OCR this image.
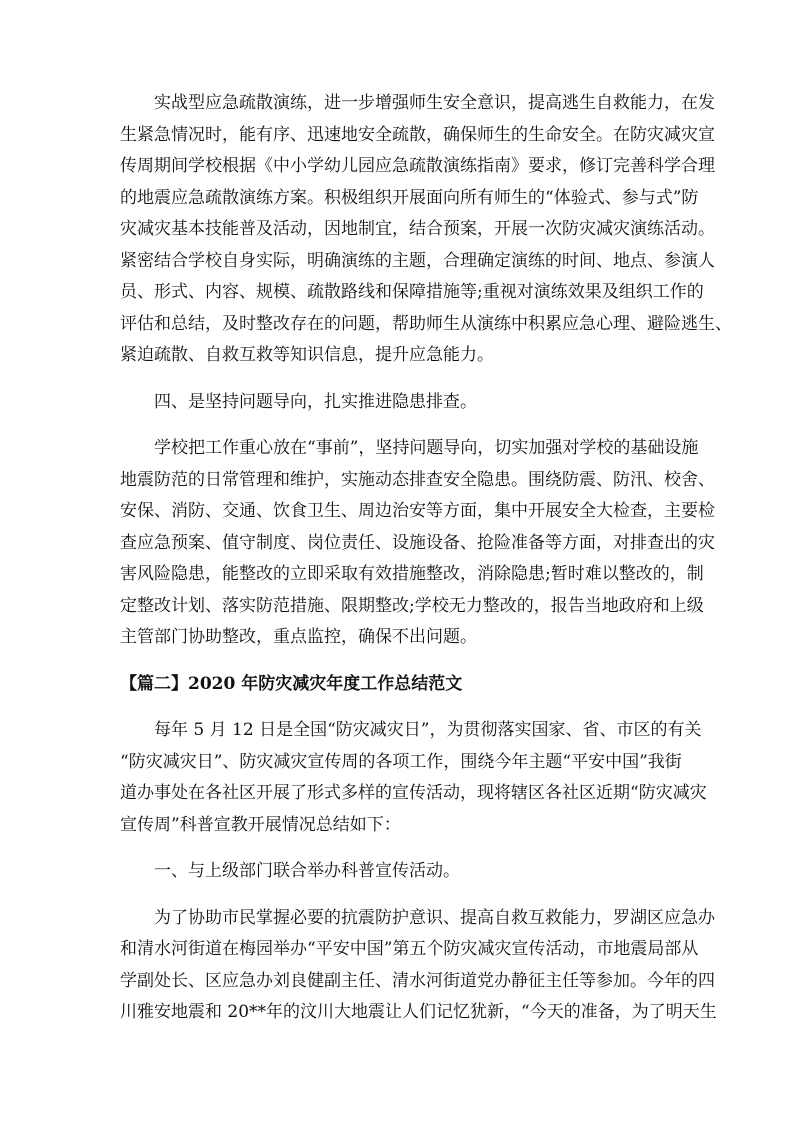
实战型应急疏散演练，进一步增强师生安全意识，提高逃生自救能力，在发
生紧急情况时，能有序、迅速地安全疏散，确保师生的生命安全。在防灾减灾宣
传周期间学校根据《中小学幼儿园应急疏散演练指南》要求，修订完善科学合理
的地震应急疏散演练方案。积极组织开展面向所有师生的“体验式、参与式”防
灾减灾基本技能普及活动，因地制宜，结合预案，开展一次防灾减灾演练活动。
紧密结合学校自身实际，明确演练的主题，合理确定演练的时间、地点、参演人
员、形式、内容、规模、疏散路线和保障措施等;重视对演练效果及组织工作的
评估和总结，及时整改存在的问题，帮助师生从演练中积累应急心理、避险逃生、
紧迫疏散、自救互救等知识信息，提升应急能力。

四、是坚持问题导向，扎实推进隐患排查。

学校把工作重心放在“事前”，坚持问题导向，切实加强对学校的基础设施
地震防范的日常管理和维护，实施动态排查安全隐患。围绕防震、防汛、校舍、
安保、消防、交通、饮食卫生、周边治安等方面，集中开展安全大检查，主要检
查应急预案、值守制度、岗位责任、设施设备、抢险准备等方面，对排查出的灾
害风险隐患，能整改的立即采取有效措施整改，消除隐患;暂时难以整改的，制
定整改计划、落实防范措施、限期整改;学校无力整改的，报告当地政府和上级
主管部门协助整改，重点监控，确保不出问题。

【篇二】2020 年防灾减灾年度工作总结范文

每年 5 月 12 日是全国“防灾减灾日”，为贯彻落实国家、省、市区的有关
“防灾减灾日”、防灾减灾宣传周的各项工作，围绕今年主题“平安中国”我街
道办事处在各社区开展了形式多样的宣传活动，现将辖区各社区近期“防灾减灾
宣传周”科普宣教开展情况总结如下：

一、与上级部门联合举办科普宣传活动。

为了协助市民掌握必要的抗震防护意识、提高自救互救能力，罗湖区应急办
和清水河街道在梅园举办“平安中国”第五个防灾减灾宣传活动，市地震局部从
学副处长、区应急办刘良健副主任、清水河街道党办静征主任等参加。今年的四
川雅安地震和 20**年的汶川大地震让人们记忆犹新，“今天的准备，为了明天生
